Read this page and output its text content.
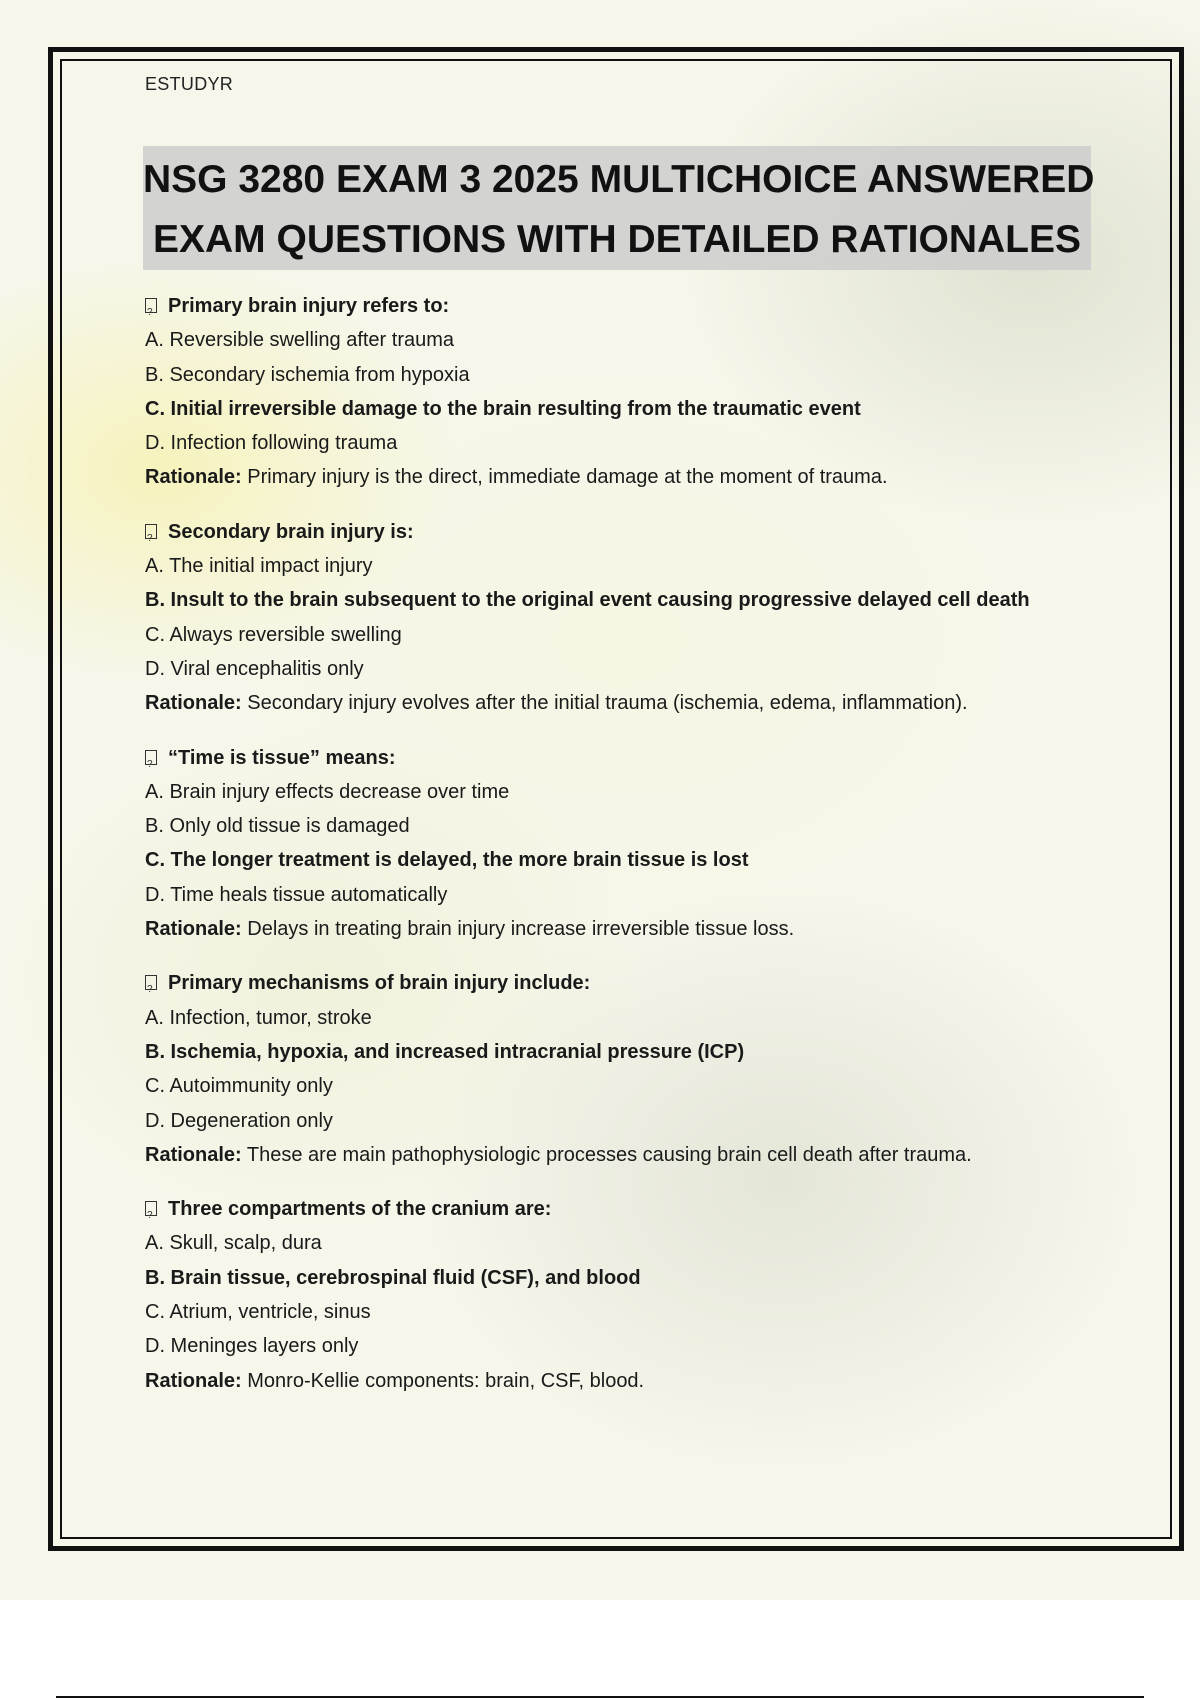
ESTUDYR
NSG 3280 EXAM 3 2025 MULTICHOICE ANSWERED
EXAM QUESTIONS WITH DETAILED RATIONALES
?Primary brain injury refers to:
A. Reversible swelling after trauma
B. Secondary ischemia from hypoxia
C. Initial irreversible damage to the brain resulting from the traumatic event
D. Infection following trauma
Rationale: Primary injury is the direct, immediate damage at the moment of trauma.
?Secondary brain injury is:
A. The initial impact injury
B. Insult to the brain subsequent to the original event causing progressive delayed cell death
C. Always reversible swelling
D. Viral encephalitis only
Rationale: Secondary injury evolves after the initial trauma (ischemia, edema, inflammation).
?“Time is tissue” means:
A. Brain injury effects decrease over time
B. Only old tissue is damaged
C. The longer treatment is delayed, the more brain tissue is lost
D. Time heals tissue automatically
Rationale: Delays in treating brain injury increase irreversible tissue loss.
?Primary mechanisms of brain injury include:
A. Infection, tumor, stroke
B. Ischemia, hypoxia, and increased intracranial pressure (ICP)
C. Autoimmunity only
D. Degeneration only
Rationale: These are main pathophysiologic processes causing brain cell death after trauma.
?Three compartments of the cranium are:
A. Skull, scalp, dura
B. Brain tissue, cerebrospinal fluid (CSF), and blood
C. Atrium, ventricle, sinus
D. Meninges layers only
Rationale: Monro-Kellie components: brain, CSF, blood.
